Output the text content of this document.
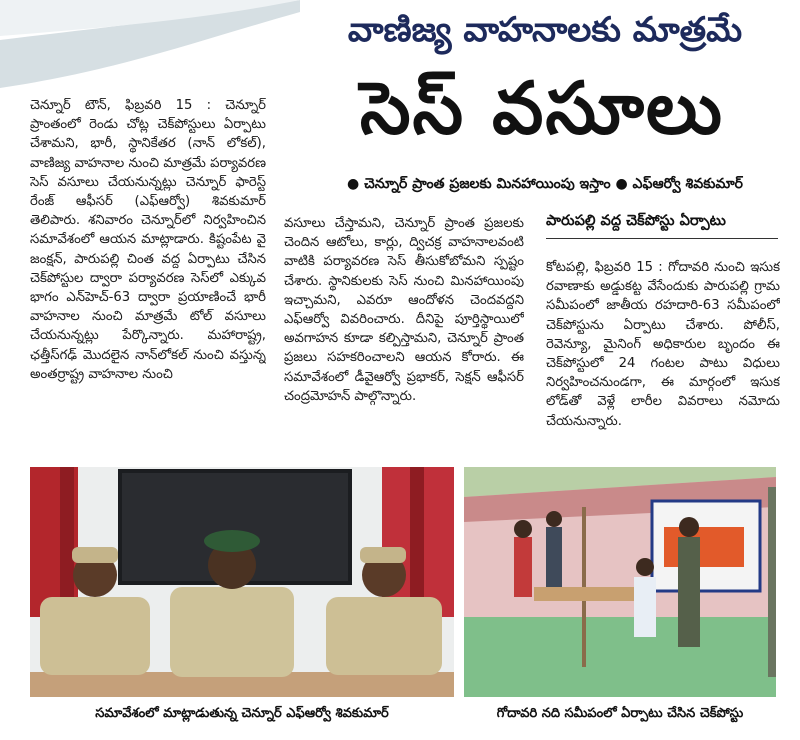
వాణిజ్య వాహనాలకు మాత్రమే
సెస్ వసూలు
● చెన్నూర్ ప్రాంత ప్రజలకు మినహాయింపు ఇస్తాం ● ఎఫ్ఆర్వో శివకుమార్
చెన్నూర్ టౌన్, ఫిబ్రవరి 15 : చెన్నూర్ ప్రాంతంలో రెండు చోట్ల చెక్‌పోస్టులు ఏర్పాటు చేశామని, భారీ, స్థానికేతర (నాన్ లోకల్), వాణిజ్య వాహనాల నుంచి మాత్రమే పర్యావరణ సెస్ వసూలు చేయనున్నట్లు చెన్నూర్ ఫారెస్ట్ రేంజ్ ఆఫీసర్ (ఎఫ్ఆర్వో) శివకుమార్ తెలిపారు. శనివారం చెన్నూర్‌లో నిర్వహించిన సమావేశంలో ఆయన మాట్లాడారు. కిష్టంపేట వై జంక్షన్, పారుపల్లి చింత వద్ద ఏర్పాటు చేసిన చెక్‌పోస్టుల ద్వారా పర్యావరణ సెస్‌లో ఎక్కువ భాగం ఎన్‌హెచ్-63 ద్వారా ప్రయాణించే భారీ వాహనాల నుంచి మాత్రమే టోల్ వసూలు చేయనున్నట్లు పేర్కొన్నారు. మహారాష్ట్ర, ఛత్తీస్‌గఢ్ మొదలైన నాన్‌లోకల్ నుంచి వస్తున్న అంతర్రాష్ట్ర వాహనాల నుంచి
వసూలు చేస్తామని, చెన్నూర్ ప్రాంత ప్రజలకు చెందిన ఆటోలు, కార్లు, ద్విచక్ర వాహనాలవంటి వాటికి పర్యావరణ సెస్ తీసుకోబోమని స్పష్టం చేశారు. స్థానికులకు సెస్ నుంచి మినహాయింపు ఇచ్చామని, ఎవరూ ఆందోళన చెందవద్దని ఎఫ్ఆర్వో వివరించారు. దీనిపై పూర్తిస్థాయిలో అవగాహన కూడా కల్పిస్తామని, చెన్నూర్ ప్రాంత ప్రజలు సహకరించాలని ఆయన కోరారు. ఈ సమావేశంలో డీవైఆర్వో ప్రభాకర్, సెక్షన్ ఆఫీసర్ చంద్రమోహన్ పాల్గొన్నారు.
పారుపల్లి వద్ద చెక్‌పోస్టు ఏర్పాటు
కోటపల్లి, ఫిబ్రవరి 15 : గోదావరి నుంచి ఇసుక రవాణాకు అడ్డుకట్ట వేసేందుకు పారుపల్లి గ్రామ సమీపంలో జాతీయ రహదారి-63 సమీపంలో చెక్‌పోస్టును ఏర్పాటు చేశారు. పోలీస్, రెవెన్యూ, మైనింగ్ అధికారుల బృందం ఈ చెక్‌పోస్టులో 24 గంటల పాటు విధులు నిర్వహించనుండగా, ఈ మార్గంలో ఇసుక లోడ్‌తో వెళ్లే లారీల వివరాలు నమోదు చేయనున్నారు.
సమావేశంలో మాట్లాడుతున్న చెన్నూర్ ఎఫ్ఆర్వో శివకుమార్	గోదావరి నది సమీపంలో ఏర్పాటు చేసిన చెక్‌పోస్టు
